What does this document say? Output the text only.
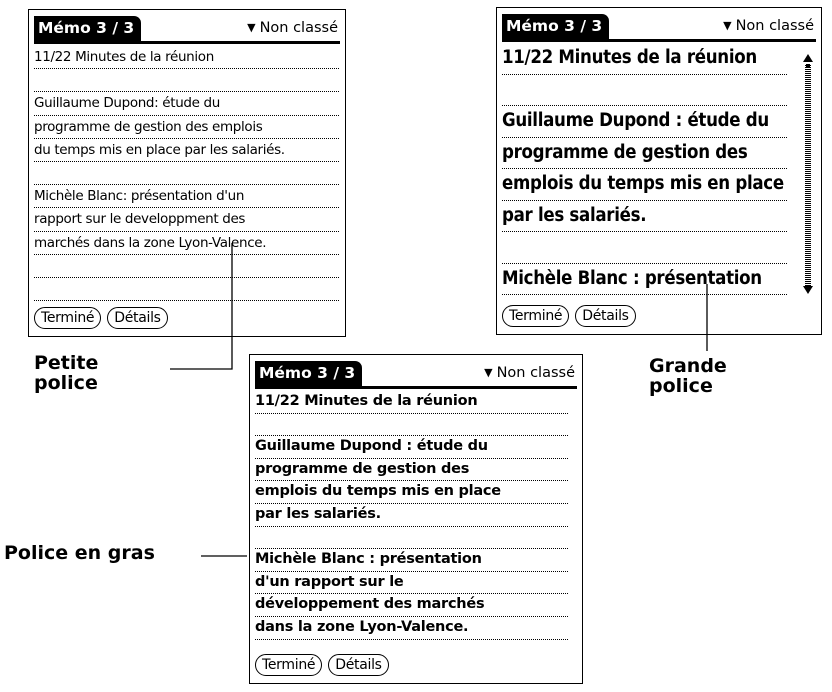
Mémo 3 / 3	▼ Non classé
11/22 Minutes de la réunion
Guillaume Dupond: étude du
programme de gestion des emplois
du temps mis en place par les salariés.
Michèle Blanc: présentation d'un
rapport sur le developpment des
marchés dans la zone Lyon-Valence.
Terminé Détails
Mémo 3 / 3	▼ Non classé
11/22 Minutes de la réunion
Guillaume Dupond : étude du
programme de gestion des
emplois du temps mis en place
par les salariés.
Michèle Blanc : présentation
Terminé Détails
Mémo 3 / 3	▼ Non classé
11/22 Minutes de la réunion
Guillaume Dupond : étude du
programme de gestion des
emplois du temps mis en place
par les salariés.
Michèle Blanc : présentation
d'un rapport sur le
développement des marchés
dans la zone Lyon-Valence.
Terminé Détails
Petite
police
Grande
police
Police en gras
